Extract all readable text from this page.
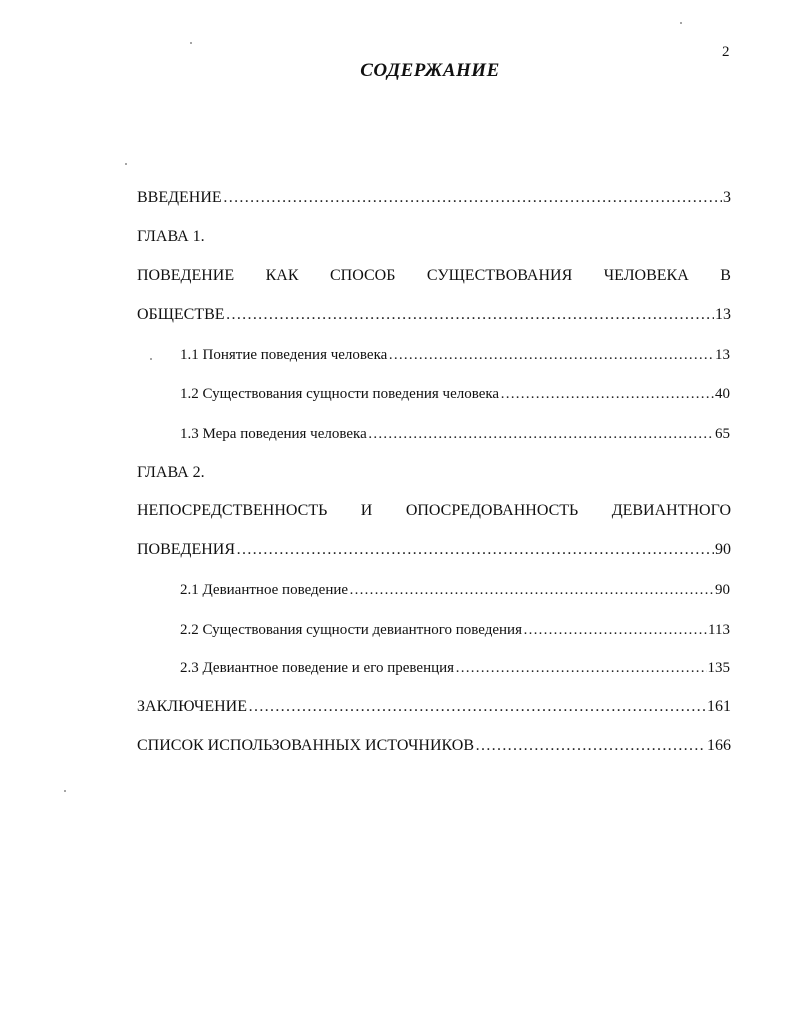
2
СОДЕРЖАНИЕ
ВВЕДЕНИЕ ……………………………………………………………………………………………………………………………………………………………………	3
ГЛАВА 1.
ПОВЕДЕНИЕ КАК СПОСОБ СУЩЕСТВОВАНИЯ ЧЕЛОВЕКА В
ОБЩЕСТВЕ ……………………………………………………………………………………………………………………………………………………………………	13
1.1 Понятие поведения человека ……………………………………………………………………………………………………………………………………………………………………	13
1.2 Существования сущности поведения человека ……………………………………………………………………………………………………………………………………………………………………	40
1.3 Мера поведения человека ……………………………………………………………………………………………………………………………………………………………………	65
ГЛАВА 2.
НЕПОСРЕДСТВЕННОСТЬ И ОПОСРЕДОВАННОСТЬ ДЕВИАНТНОГО
ПОВЕДЕНИЯ ……………………………………………………………………………………………………………………………………………………………………	90
2.1 Девиантное поведение ……………………………………………………………………………………………………………………………………………………………………	90
2.2 Существования сущности девиантного поведения ……………………………………………………………………………………………………………………………………………………………………	113
2.3 Девиантное поведение и его превенция ……………………………………………………………………………………………………………………………………………………………………	135
ЗАКЛЮЧЕНИЕ ……………………………………………………………………………………………………………………………………………………………………	161
СПИСОК ИСПОЛЬЗОВАННЫХ ИСТОЧНИКОВ ……………………………………………………………………………………………………………………………………………………………………	166
